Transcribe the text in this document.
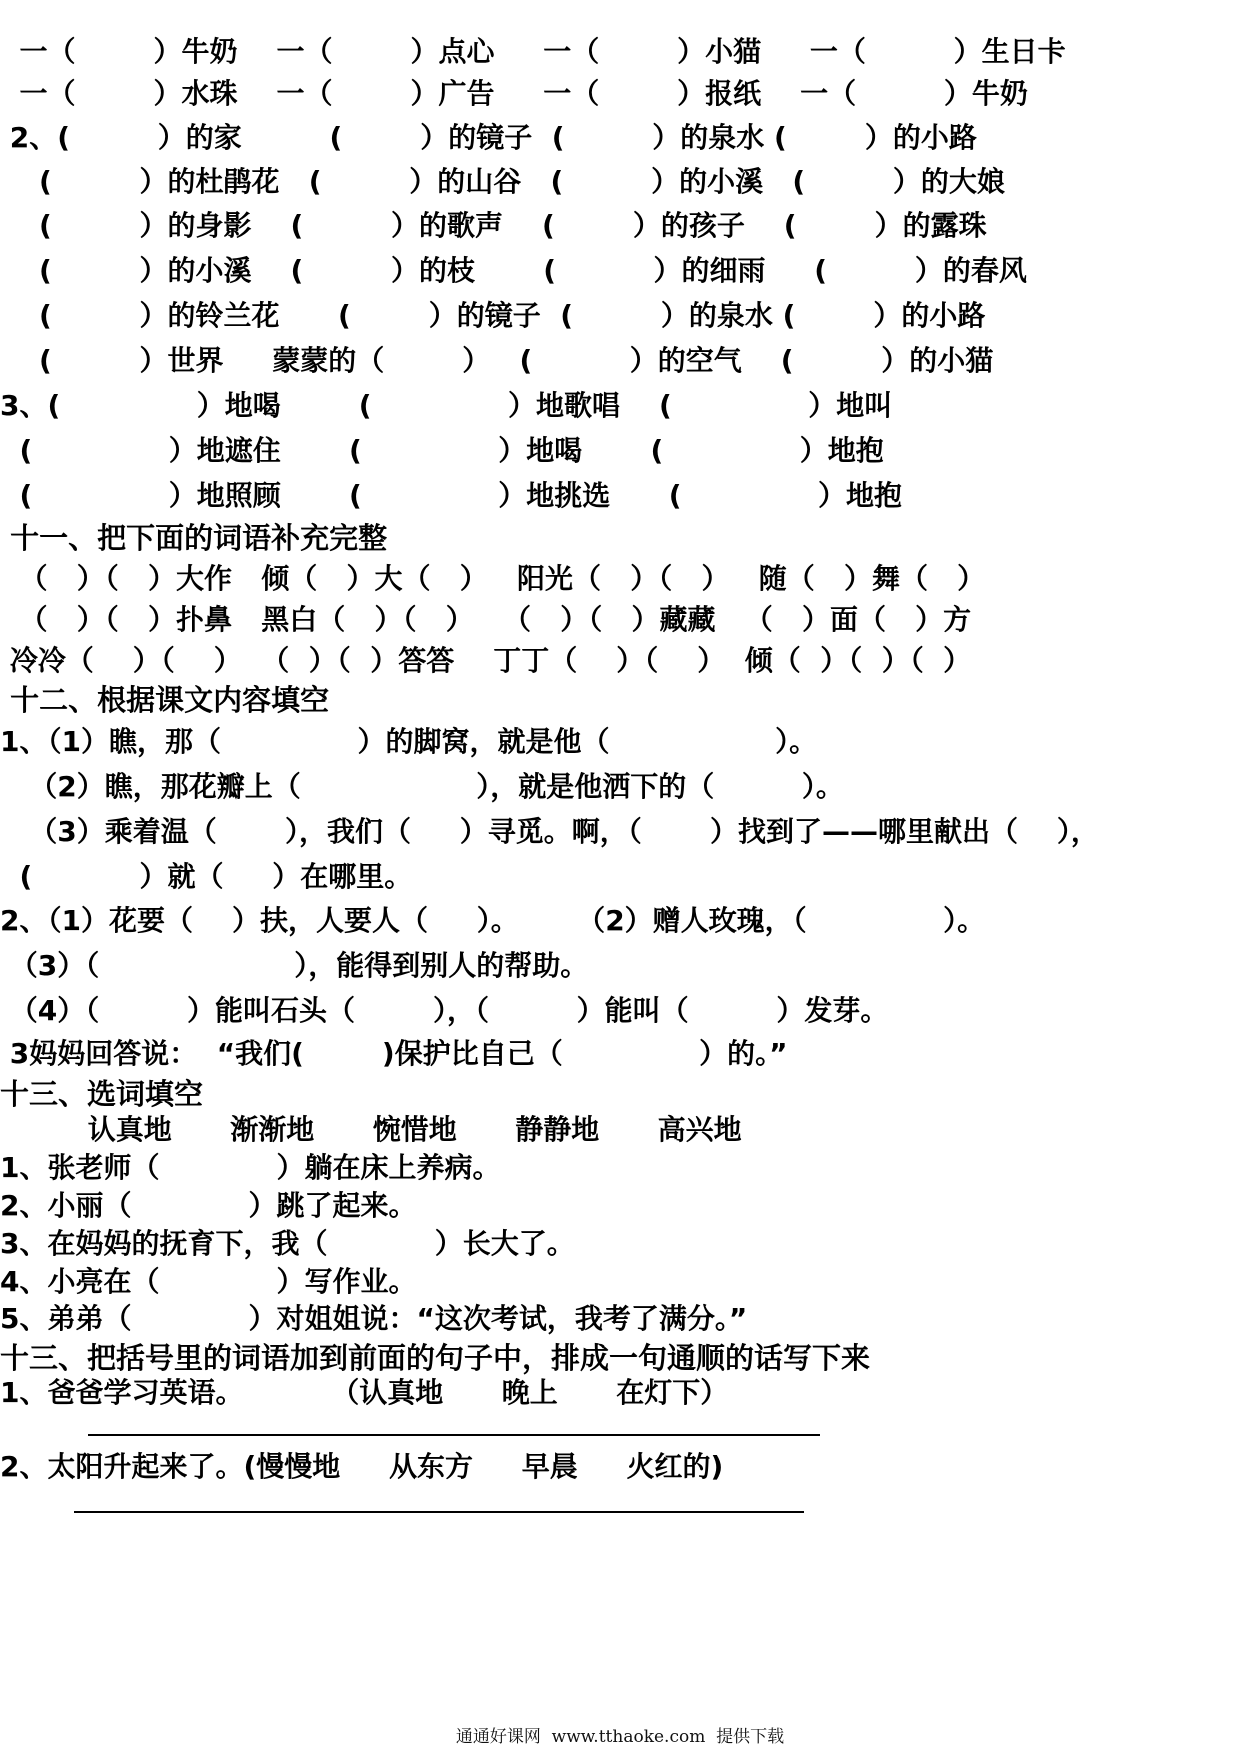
一（        ）牛奶    一（        ）点心     一（        ）小猫     一（         ）生日卡
一（        ）水珠    一（        ）广告     一（        ）报纸    一（         ）牛奶
2、(         ）的家         (        ）的镜子  (         ）的泉水 (        ）的小路
(         ）的杜鹃花   (         ）的山谷   (         ）的小溪   (         ）的大娘
(         ）的身影    (         ）的歌声    (        ）的孩子    (        ）的露珠
(         ）的小溪    (         ）的枝       (          ）的细雨     (         ）的春风
(         ）的铃兰花      (        ）的镜子  (         ）的泉水 (        ）的小路
(         ）世界     蒙蒙的（        ）   (          ）的空气    (         ）的小猫
3、(              ）地喝        (              ）地歌唱    (              ）地叫
(              ）地遮住       (              ）地喝       (              ）地抱
(              ）地照顾       (              ）地挑选      (              ）地抱
十一、把下面的词语补充完整
（   ）（   ）大作   倾（   ）大（   ）   阳光（   ）（   ）   随（   ）舞（   ）
（   ）（   ）扑鼻   黑白（   ）（   ）   （   ）（   ）藏藏   （   ）面（   ）方
冷冷（    ）（    ）  （  ）（  ）答答    丁丁（    ）（    ）  倾（  ）（  ）（  ）
十二、根据课文内容填空
1、（1）瞧，那（              ）的脚窝，就是他（                 ）。
（2）瞧，那花瓣上（                  ），就是他洒下的（         ）。
（3）乘着温（       ），我们（     ）寻觅。啊，（       ）找到了——哪里献出（    ），
(           ）就（     ）在哪里。
2、（1）花要（    ）扶，人要人（     ）。      （2）赠人玫瑰，（              ）。
（3）（                    ），能得到别人的帮助。
（4）（         ）能叫石头（        ），（         ）能叫（         ）发芽。
3妈妈回答说：  “我们(        )保护比自己（              ）的。”
十三、选词填空
认真地      渐渐地      惋惜地      静静地      高兴地
1、张老师（            ）躺在床上养病。
2、小丽（            ）跳了起来。
3、在妈妈的抚育下，我（           ）长大了。
4、小亮在（            ）写作业。
5、弟弟（            ）对姐姐说：“这次考试，我考了满分。”
十三、把括号里的词语加到前面的句子中，排成一句通顺的话写下来
1、爸爸学习英语。         （认真地      晚上      在灯下）
2、太阳升起来了。(慢慢地     从东方     早晨     火红的)
通通好课网  www.tthaoke.com  提供下载
